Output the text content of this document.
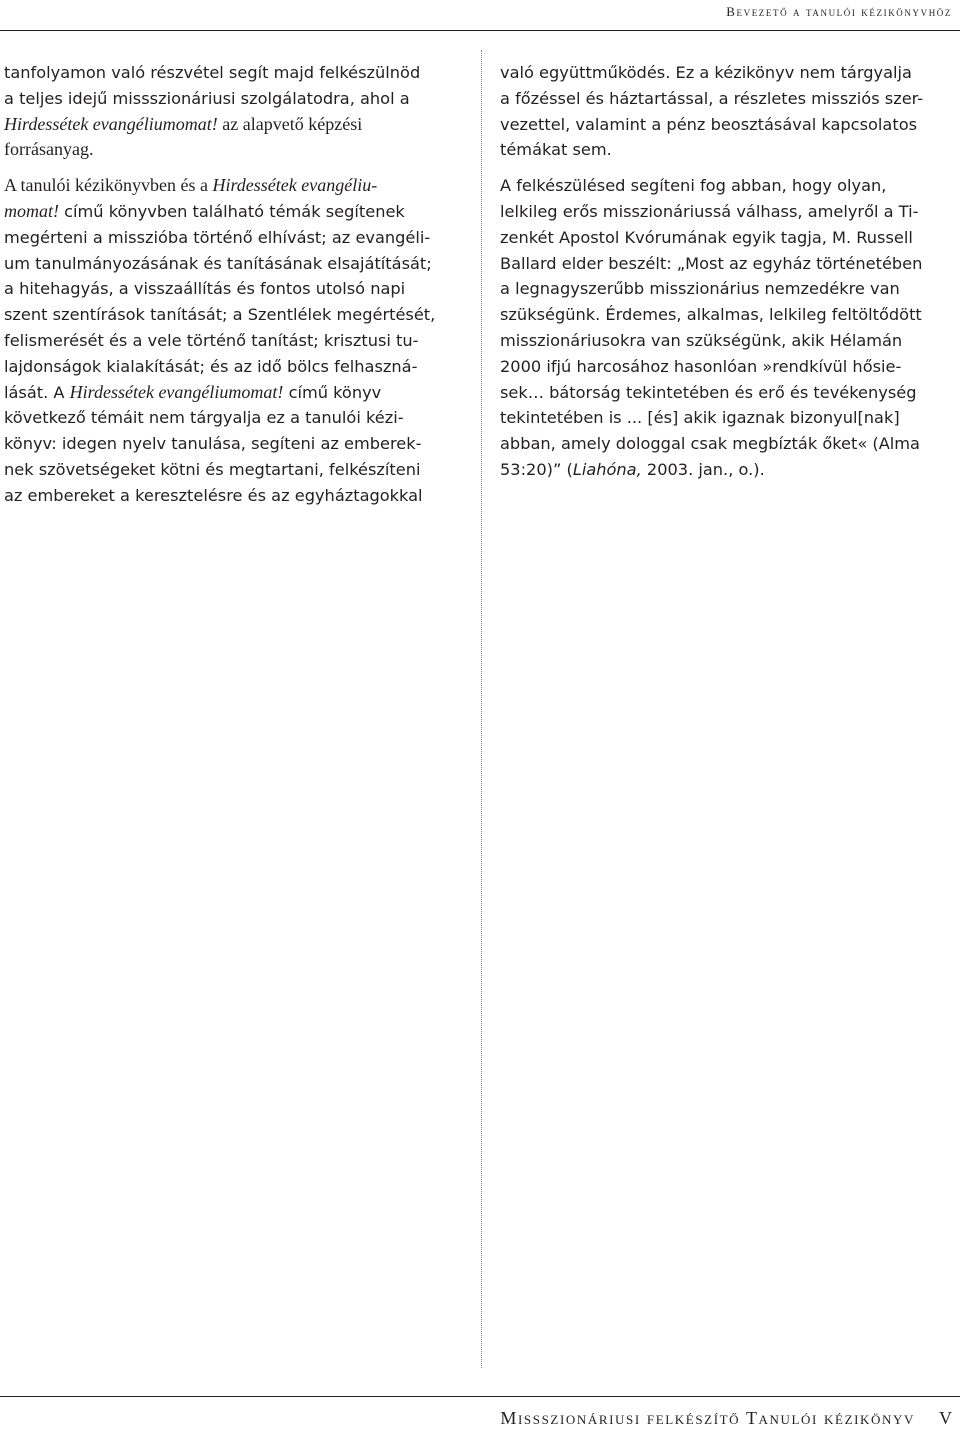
Bevezető a tanulói kézikönyvhöz
tanfolyamon való részvétel segít majd felkészülnöd
a teljes idejű missszionáriusi szolgálatodra, ahol a
Hirdessétek evangéliumomat! az alapvető képzési
forrásanyag.
A tanulói kézikönyvben és a Hirdessétek evangéliu-
momat! című könyvben található témák segítenek
megérteni a misszióba történő elhívást; az evangéli-
um tanulmányozásának és tanításának elsajátítását;
a hitehagyás, a visszaállítás és fontos utolsó napi
szent szentírások tanítását; a Szentlélek megértését,
felismerését és a vele történő tanítást; krisztusi tu-
lajdonságok kialakítását; és az idő bölcs felhaszná-
lását. A Hirdessétek evangéliumomat! című könyv
következő témáit nem tárgyalja ez a tanulói kézi-
könyv: idegen nyelv tanulása, segíteni az emberek-
nek szövetségeket kötni és megtartani, felkészíteni
az embereket a keresztelésre és az egyháztagokkal
való együttműködés. Ez a kézikönyv nem tárgyalja
a főzéssel és háztartással, a részletes missziós szer-
vezettel, valamint a pénz beosztásával kapcsolatos
témákat sem.
A felkészülésed segíteni fog abban, hogy olyan,
lelkileg erős misszionáriussá válhass, amelyről a Ti-
zenkét Apostol Kvórumának egyik tagja, M. Russell
Ballard elder beszélt: „Most az egyház történetében
a legnagyszerűbb misszionárius nemzedékre van
szükségünk. Érdemes, alkalmas, lelkileg feltöltődött
misszionáriusokra van szükségünk, akik Hélamán
2000 ifjú harcosához hasonlóan »rendkívül hősie-
sek… bátorság tekintetében és erő és tevékenység
tekintetében is ... [és] akik igaznak bizonyul[nak]
abban, amely dologgal csak megbízták őket« (Alma
53:20)” (Liahóna, 2003. jan., o.).
Missszionáriusi felkészítő Tanulói kézikönyv V
